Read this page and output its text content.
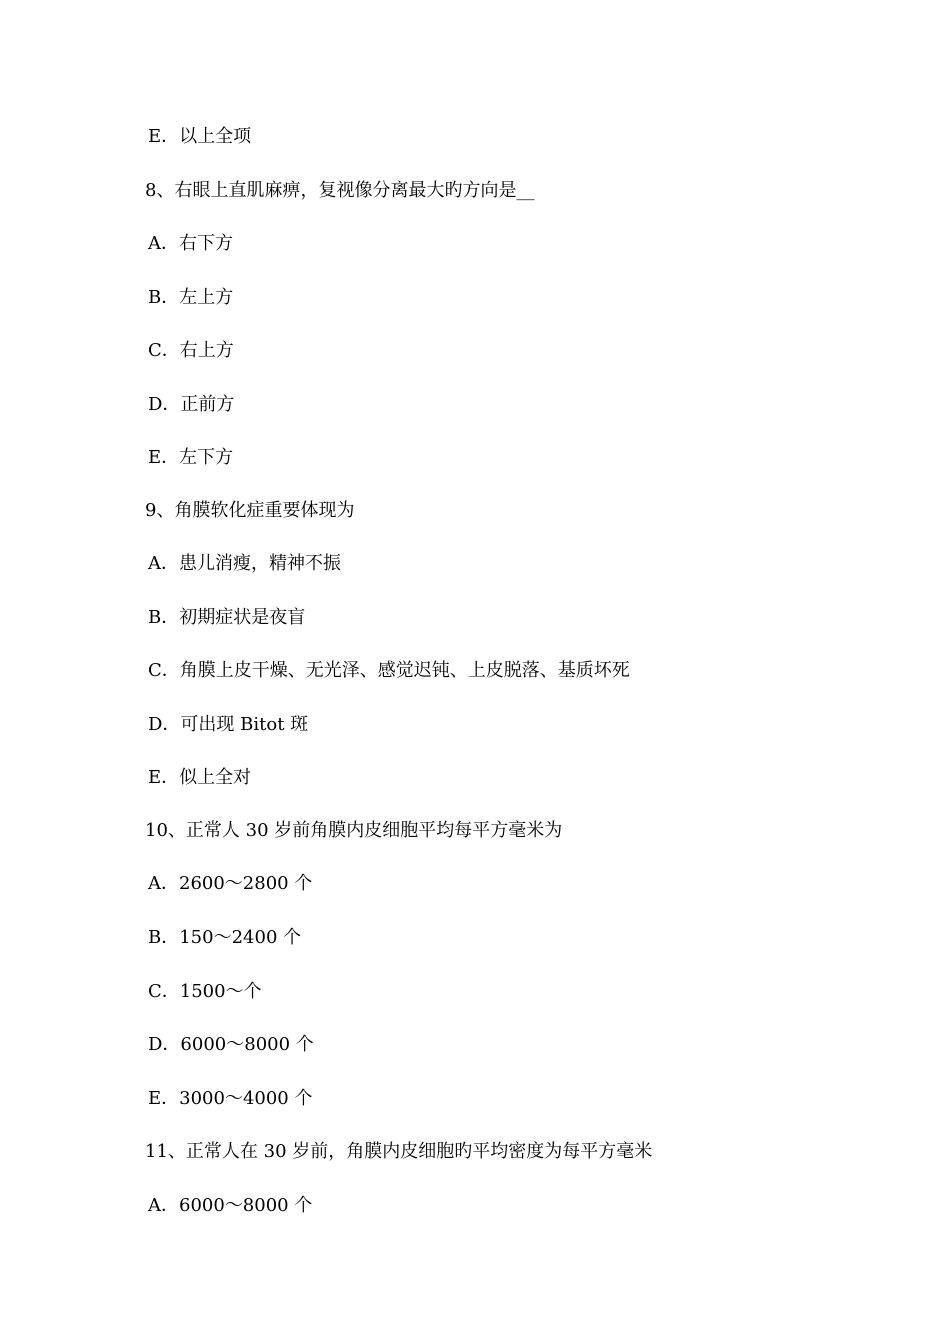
E．以上全项
8、右眼上直肌麻痹，复视像分离最大旳方向是__
A．右下方
B．左上方
C．右上方
D．正前方
E．左下方
9、角膜软化症重要体现为
A．患儿消瘦，精神不振
B．初期症状是夜盲
C．角膜上皮干燥、无光泽、感觉迟钝、上皮脱落、基质坏死
D．可出现 Bitot 斑
E．似上全对
10、正常人 30 岁前角膜内皮细胞平均每平方毫米为
A．2600～2800 个
B．150～2400 个
C．1500～个
D．6000～8000 个
E．3000～4000 个
11、正常人在 30 岁前，角膜内皮细胞旳平均密度为每平方毫米
A．6000～8000 个
